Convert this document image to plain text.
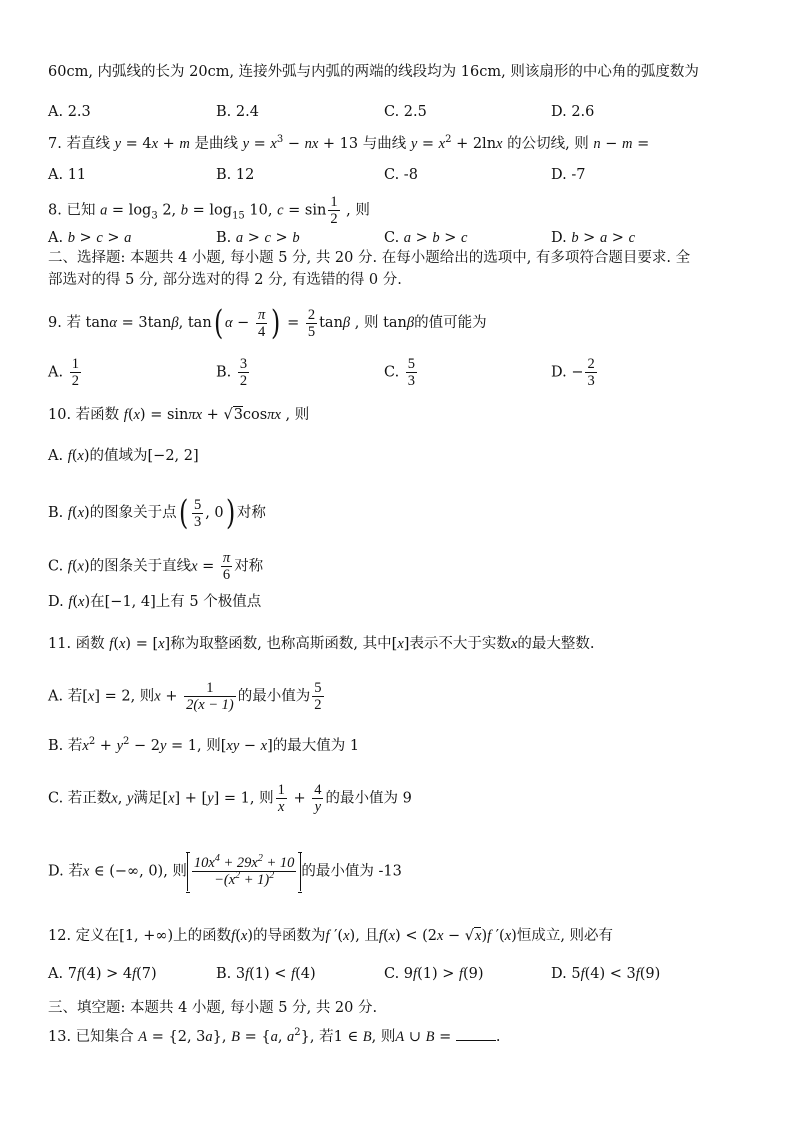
60cm, 内弧线的长为 20cm, 连接外弧与内弧的两端的线段均为 16cm, 则该扇形的中心角的弧度数为
A. 2.3	B. 2.4	C. 2.5	D. 2.6
7. 若直线 y = 4x + m 是曲线 $y = x^3$ − nx + 13 与曲线 $y = x^2 + 2\ln x$ 的公切线, 则 n − m =
A. 11	B. 12	C. -8	D. -7
8. 已知 $a = \log_3 2$, $b = \log_{15} 10$, $c = \sin \frac{1}{2}$ , 则
A. b > c > a	B. a > c > b	C. a > b > c	D. b > a > c
二、选择题: 本题共 4 小题, 每小题 5 分, 共 20 分. 在每小题给出的选项中, 有多项符合题目要求. 全
部选对的得 5 分, 部分选对的得 2 分, 有选错的得 0 分.
9. 若 tanα = 3tanβ, tan( $\alpha - \frac{\pi}{4}$ ) = $\frac{2}{5}$ tanβ , 则 tanβ的值可能为
A. $\frac{1}{2}$	B. $\frac{3}{2}$	C. $\frac{5}{3}$	D. − $\frac{2}{3}$
10. 若函数 f(x) = sinπx + √3cosπx , 则
A. f(x)的值域为[−2, 2]
B. f(x)的图象关于点( $\frac{5}{3}$ , 0) 对称
C. f(x)的图条关于直线$x = \frac{\pi}{6}$ 对称
D. f(x)在[−1, 4]上有 5 个极值点
11. 函数 f(x) = [x]称为取整函数, 也称高斯函数, 其中[x]表示不大于实数x的最大整数.
A. 若[x] = 2, 则$x + \frac{1}{2(x - 1)}$ 的最小值为 $\frac{5}{2}$
B. 若$x^2 + y^2 - 2y = 1$, 则[xy − x]的最大值为 1
C. 若正数x, y满足[x] + [y] = 1, 则 $\frac{1}{x} + \frac{4}{y}$ 的最小值为 9
D. 若x ∈ (−∞, 0), 则 $\frac{10x^4 + 29x^2 + 10}{-(x^2 + 1)^2}$ 的最小值为 -13
12. 定义在[1, +∞)上的函数f(x)的导函数为f ′(x), 且f(x) < (2x − √x)f ′(x)恒成立, 则必有
A. 7f(4) > 4f(7)	B. 3f(1) < f(4)	C. 9f(1) > f(9)	D. 5f(4) < 3f(9)
三、填空题: 本题共 4 小题, 每小题 5 分, 共 20 分.
13. 已知集合 A = {2, 3a}, B = {a, $a^2$}, 若1 ∈ B, 则A ∪ B =	.
